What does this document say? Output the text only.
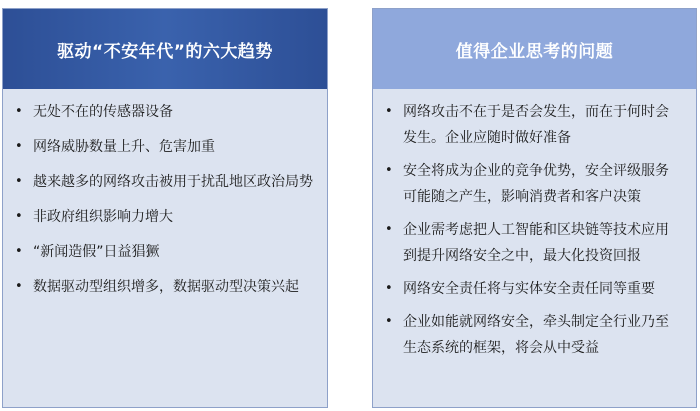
驱动“不安年代”的六大趋势
• 无处不在的传感器设备
• 网络威胁数量上升、危害加重
• 越来越多的网络攻击被用于扰乱地区政治局势
• 非政府组织影响力增大
• “新闻造假”日益猖獗
• 数据驱动型组织增多，数据驱动型决策兴起
值得企业思考的问题
• 网络攻击不在于是否会发生，而在于何时会发生。企业应随时做好准备
• 安全将成为企业的竞争优势，安全评级服务可能随之产生，影响消费者和客户决策
• 企业需考虑把人工智能和区块链等技术应用到提升网络安全之中，最大化投资回报
• 网络安全责任将与实体安全责任同等重要
• 企业如能就网络安全，牵头制定全行业乃至生态系统的框架，将会从中受益
